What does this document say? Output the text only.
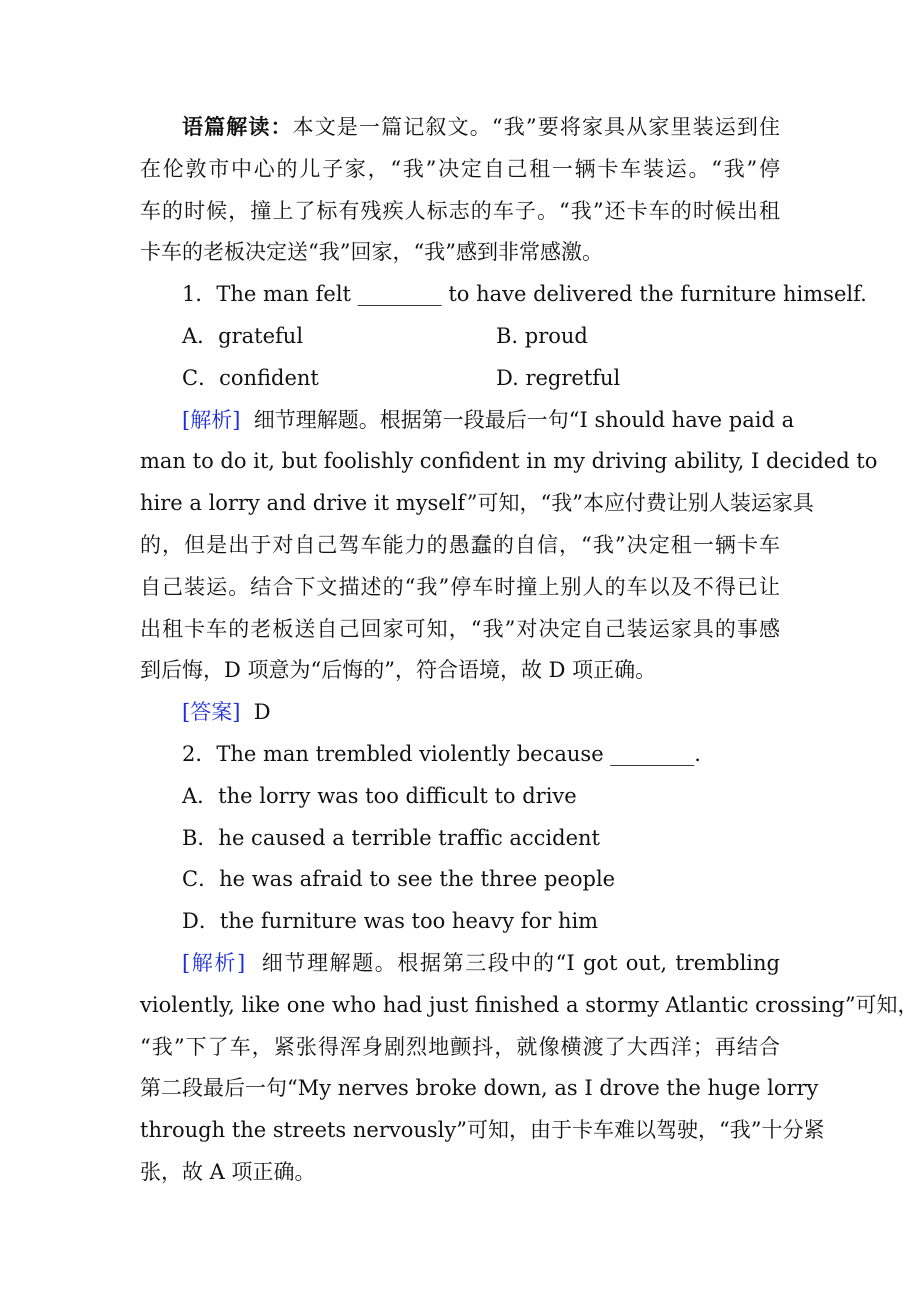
语篇解读：本文是一篇记叙文。“我”要将家具从家里装运到住
在伦敦市中心的儿子家，“我”决定自己租一辆卡车装运。“我”停
车的时候，撞上了标有残疾人标志的车子。“我”还卡车的时候出租
卡车的老板决定送“我”回家，“我”感到非常感激。
1．The man felt ________ to have delivered the furniture himself.
A．grateful	B. proud
C．confident	D. regretful
[解析] 细节理解题。根据第一段最后一句“I should have paid a
man to do it, but foolishly confident in my driving ability, I decided to
hire a lorry and drive it myself”可知，“我”本应付费让别人装运家具
的，但是出于对自己驾车能力的愚蠢的自信，“我”决定租一辆卡车
自己装运。结合下文描述的“我”停车时撞上别人的车以及不得已让
出租卡车的老板送自己回家可知，“我”对决定自己装运家具的事感
到后悔，D 项意为“后悔的”，符合语境，故 D 项正确。
[答案] D
2．The man trembled violently because ________.
A．the lorry was too difficult to drive
B．he caused a terrible traffic accident
C．he was afraid to see the three people
D．the furniture was too heavy for him
[解析] 细节理解题。根据第三段中的“I got out, trembling
violently, like one who had just finished a stormy Atlantic crossing”可知，
“我”下了车，紧张得浑身剧烈地颤抖，就像横渡了大西洋；再结合
第二段最后一句“My nerves broke down, as I drove the huge lorry
through the streets nervously”可知，由于卡车难以驾驶，“我”十分紧
张，故 A 项正确。
